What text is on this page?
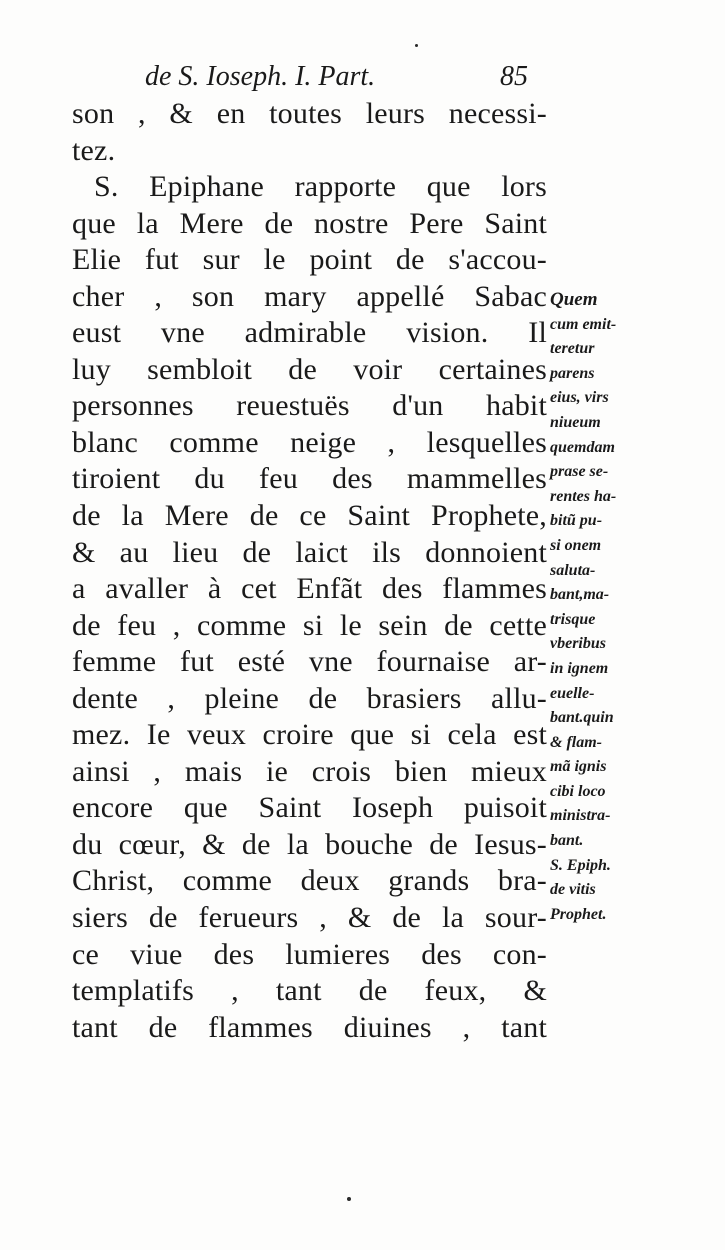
de S. Ioseph. I. Part.	85
son , & en toutes leurs necessi-
tez.
S. Epiphane rapporte que lors
que la Mere de nostre Pere Saint
Elie fut sur le point de s'accou-
cher , son mary appellé Sabac
eust vne admirable vision. Il
luy sembloit de voir certaines
personnes reuestuës d'un habit
blanc comme neige , lesquelles
tiroient du feu des mammelles
de la Mere de ce Saint Prophete,
& au lieu de laict ils donnoient
a avaller à cet Enfãt des flammes
de feu , comme si le sein de cette
femme fut esté vne fournaise ar-
dente , pleine de brasiers allu-
mez. Ie veux croire que si cela est
ainsi , mais ie crois bien mieux
encore que Saint Ioseph puisoit
du cœur, & de la bouche de Iesus-
Christ, comme deux grands bra-
siers de ferueurs , & de la sour-
ce viue des lumieres des con-
templatifs , tant de feux, &
tant de flammes diuines , tant
Quem
cum emit-
teretur
parens
eius, virs
niueum
quemdam
prase se-
rentes ha-
bitũ pu-
si onem
saluta-
bant,ma-
trisque
vberibus
in ignem
euelle-
bant.quin
& flam-
mã ignis
cibi loco
ministra-
bant.
S. Epiph.
de vitis
Prophet.
